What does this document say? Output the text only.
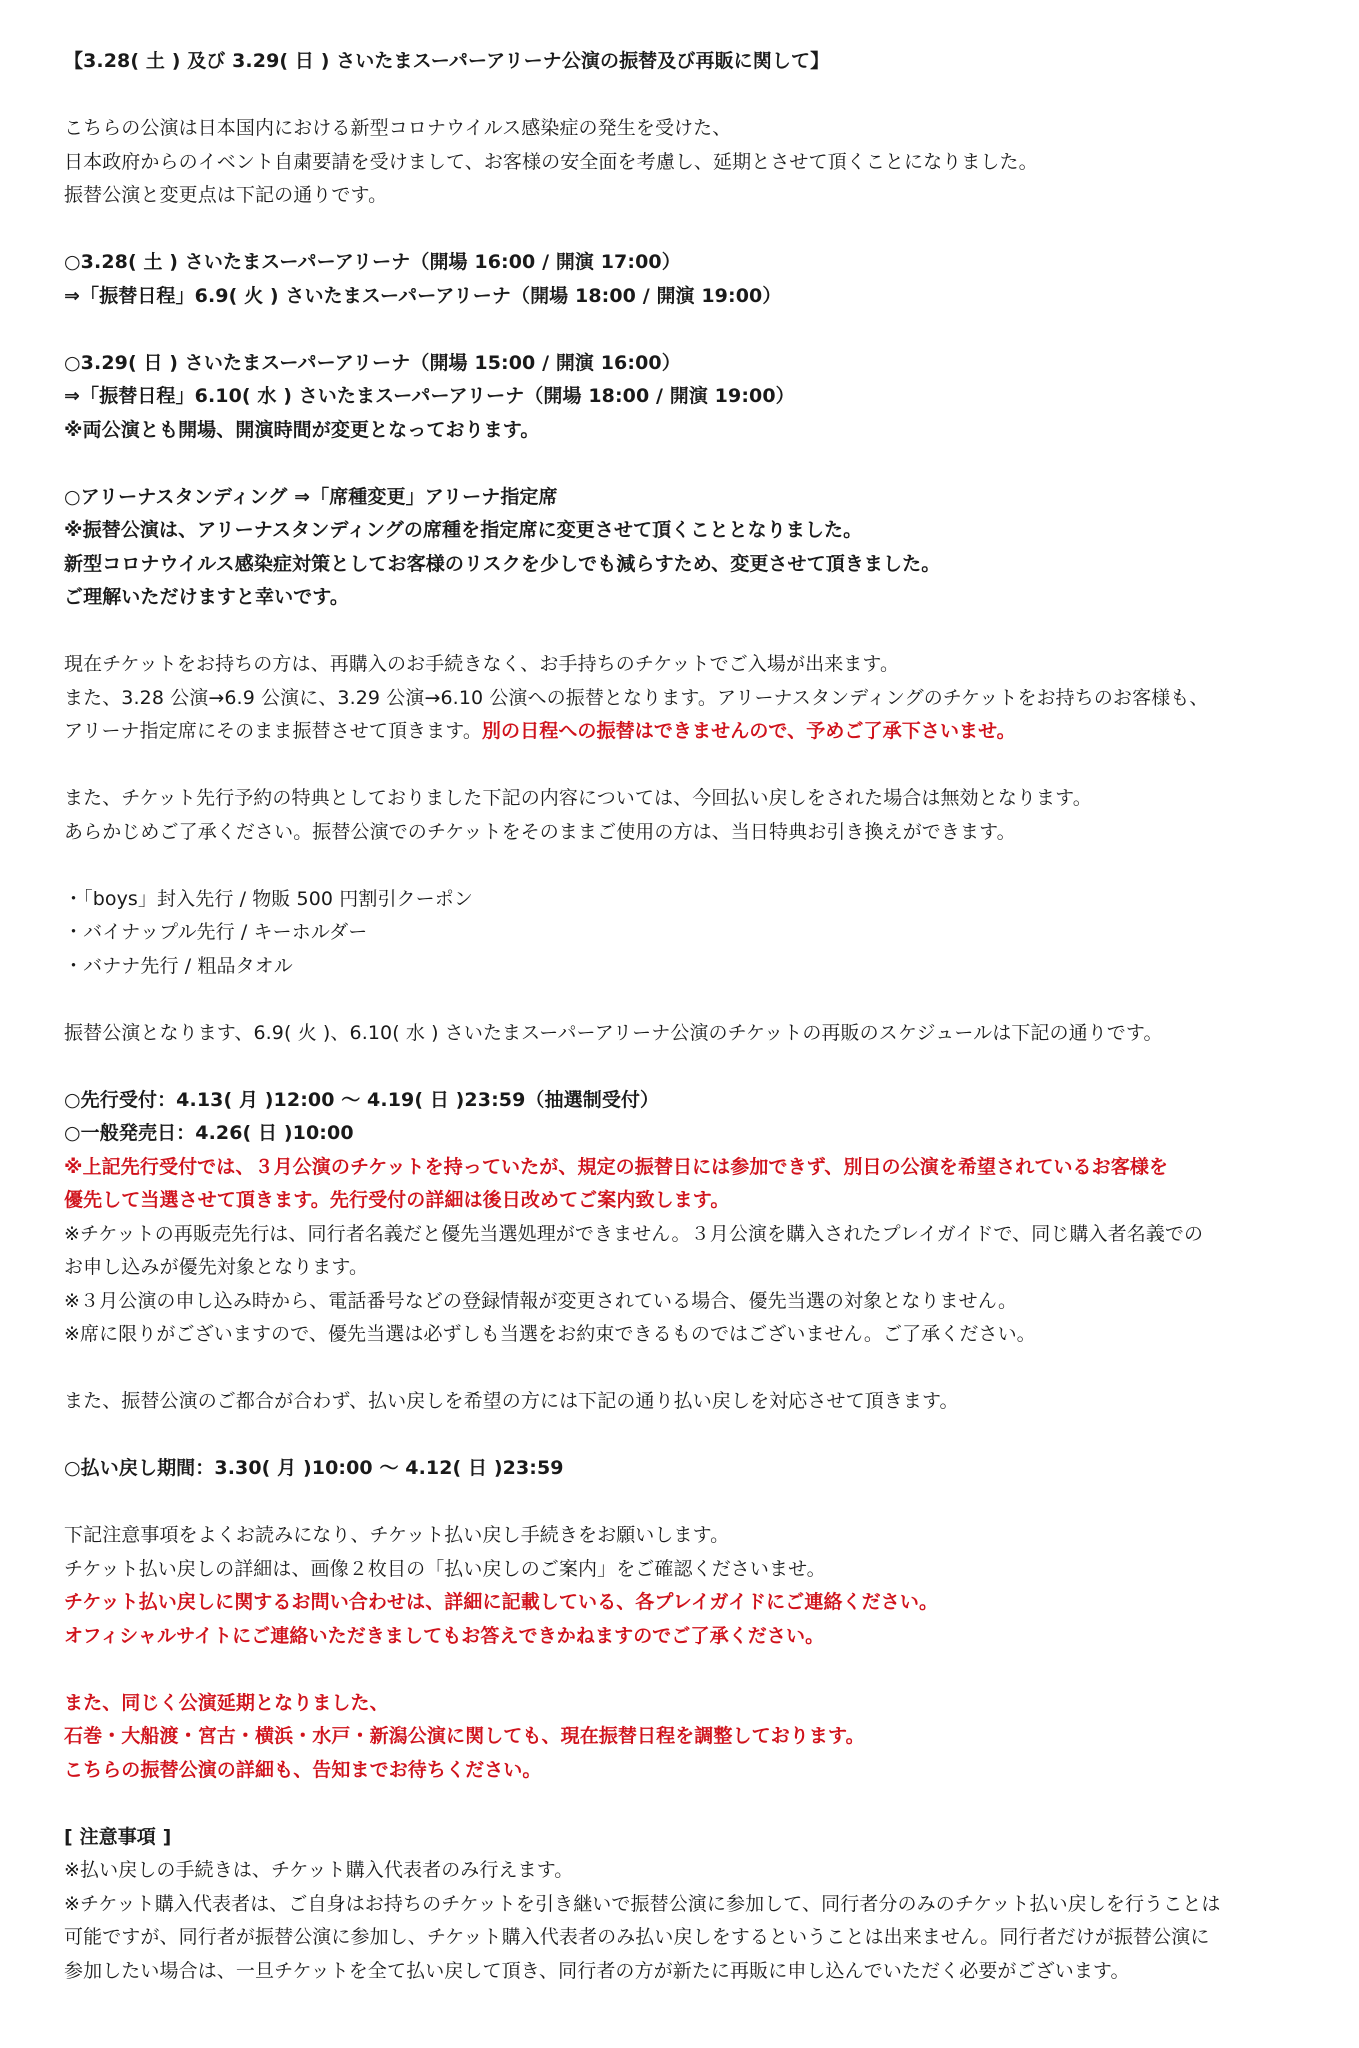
【3.28( 土 ) 及び 3.29( 日 ) さいたまスーパーアリーナ公演の振替及び再販に関して】
こちらの公演は日本国内における新型コロナウイルス感染症の発生を受けた、
日本政府からのイベント自粛要請を受けまして、お客様の安全面を考慮し、延期とさせて頂くことになりました。
振替公演と変更点は下記の通りです。
○3.28( 土 ) さいたまスーパーアリーナ（開場 16:00 / 開演 17:00）
⇒「振替日程」6.9( 火 ) さいたまスーパーアリーナ（開場 18:00 / 開演 19:00）
○3.29( 日 ) さいたまスーパーアリーナ（開場 15:00 / 開演 16:00）
⇒「振替日程」6.10( 水 ) さいたまスーパーアリーナ（開場 18:00 / 開演 19:00）
※両公演とも開場、開演時間が変更となっております。
○アリーナスタンディング ⇒「席種変更」アリーナ指定席
※振替公演は、アリーナスタンディングの席種を指定席に変更させて頂くこととなりました。
新型コロナウイルス感染症対策としてお客様のリスクを少しでも減らすため、変更させて頂きました。
ご理解いただけますと幸いです。
現在チケットをお持ちの方は、再購入のお手続きなく、お手持ちのチケットでご入場が出来ます。
また、3.28 公演→6.9 公演に、3.29 公演→6.10 公演への振替となります。アリーナスタンディングのチケットをお持ちのお客様も、
アリーナ指定席にそのまま振替させて頂きます。別の日程への振替はできませんので、予めご了承下さいませ。
また、チケット先行予約の特典としておりました下記の内容については、今回払い戻しをされた場合は無効となります。
あらかじめご了承ください。振替公演でのチケットをそのままご使用の方は、当日特典お引き換えができます。
・「boys」封入先行 / 物販 500 円割引クーポン
・バイナップル先行 / キーホルダー
・バナナ先行 / 粗品タオル
振替公演となります、6.9( 火 )、6.10( 水 ) さいたまスーパーアリーナ公演のチケットの再販のスケジュールは下記の通りです。
○先行受付：4.13( 月 )12:00 〜 4.19( 日 )23:59（抽選制受付）
○一般発売日：4.26( 日 )10:00
※上記先行受付では、３月公演のチケットを持っていたが、規定の振替日には参加できず、別日の公演を希望されているお客様を
優先して当選させて頂きます。先行受付の詳細は後日改めてご案内致します。
※チケットの再販売先行は、同行者名義だと優先当選処理ができません。３月公演を購入されたプレイガイドで、同じ購入者名義での
お申し込みが優先対象となります。
※３月公演の申し込み時から、電話番号などの登録情報が変更されている場合、優先当選の対象となりません。
※席に限りがございますので、優先当選は必ずしも当選をお約束できるものではございません。ご了承ください。
また、振替公演のご都合が合わず、払い戻しを希望の方には下記の通り払い戻しを対応させて頂きます。
○払い戻し期間：3.30( 月 )10:00 〜 4.12( 日 )23:59
下記注意事項をよくお読みになり、チケット払い戻し手続きをお願いします。
チケット払い戻しの詳細は、画像２枚目の「払い戻しのご案内」をご確認くださいませ。
チケット払い戻しに関するお問い合わせは、詳細に記載している、各プレイガイドにご連絡ください。
オフィシャルサイトにご連絡いただきましてもお答えできかねますのでご了承ください。
また、同じく公演延期となりました、
石巻・大船渡・宮古・横浜・水戸・新潟公演に関しても、現在振替日程を調整しております。
こちらの振替公演の詳細も、告知までお待ちください。
[ 注意事項 ]
※払い戻しの手続きは、チケット購入代表者のみ行えます。
※チケット購入代表者は、ご自身はお持ちのチケットを引き継いで振替公演に参加して、同行者分のみのチケット払い戻しを行うことは
可能ですが、同行者が振替公演に参加し、チケット購入代表者のみ払い戻しをするということは出来ません。同行者だけが振替公演に
参加したい場合は、一旦チケットを全て払い戻して頂き、同行者の方が新たに再販に申し込んでいただく必要がございます。
